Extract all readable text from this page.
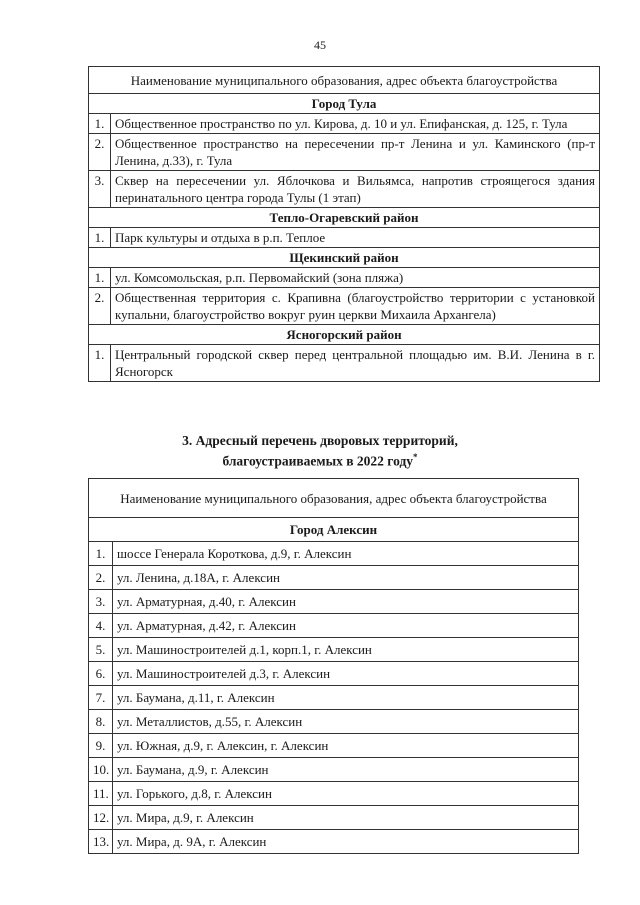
45
Наименование муниципального образования, адрес объекта благоустройства	
Город Тула	
1.	Общественное пространство по ул. Кирова, д. 10 и ул. Епифанская, д. 125, г. Тула
2.	Общественное пространство на пересечении пр-т Ленина и ул. Каминского (пр-т Ленина, д.33), г. Тула
3.	Сквер на пересечении ул. Яблочкова и Вильямса, напротив строящегося здания перинатального центра города Тулы (1 этап)
Тепло-Огаревский район	
1.	Парк культуры и отдыха в р.п. Теплое
Щекинский район	
1.	ул. Комсомольская, р.п. Первомайский (зона пляжа)
2.	Общественная территория с. Крапивна (благоустройство территории с установкой купальни, благоустройство вокруг руин церкви Михаила Архангела)
Ясногорский район	
1.	Центральный городской сквер перед центральной площадью им. В.И. Ленина в г. Ясногорск
3. Адресный перечень дворовых территорий,
благоустраиваемых в 2022 году*
Наименование муниципального образования, адрес объекта благоустройства	
Город Алексин	
1.	шоссе Генерала Короткова, д.9, г. Алексин
2.	ул. Ленина, д.18А, г. Алексин
3.	ул. Арматурная, д.40, г. Алексин
4.	ул. Арматурная, д.42, г. Алексин
5.	ул. Машиностроителей д.1, корп.1, г. Алексин
6.	ул. Машиностроителей д.3, г. Алексин
7.	ул. Баумана, д.11, г. Алексин
8.	ул. Металлистов, д.55, г. Алексин
9.	ул. Южная, д.9, г. Алексин, г. Алексин
10.	ул. Баумана, д.9, г. Алексин
11.	ул. Горького, д.8, г. Алексин
12.	ул. Мира, д.9, г. Алексин
13.	ул. Мира, д. 9А, г. Алексин
